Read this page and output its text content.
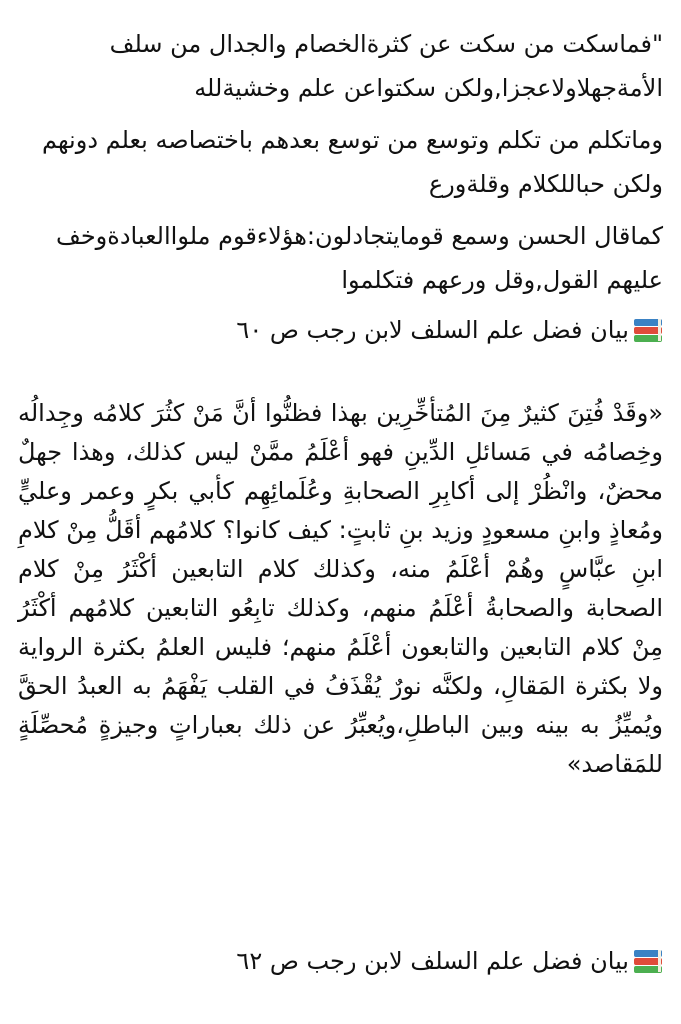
"فماسكت من سكت عن كثرةالخصام والجدال من سلف الأمةجهلاولاعجزا,ولكن سكتواعن علم وخشيةلله

وماتكلم من تكلم وتوسع من توسع بعدهم باختصاصه بعلم دونهم ولكن حباللكلام وقلةورع

كماقال الحسن وسمع قومايتجادلون:هؤلاءقوم ملواالعبادةوخف عليهم القول,وقل ورعهم فتكلموا

بيان فضل علم السلف لابن رجب ص ٦٠

«وقَدْ فُتِنَ كثيرٌ مِنَ المُتأخِّرِين بهذا فظنُّوا أنَّ مَنْ كثُرَ كلامُه وجِدالُه وخِصامُه في مَسائلِ الدِّينِ فهو أعْلَمُ ممَّنْ ليس كذلك، وهذا جهلٌ محضٌ، وانْظُرْ إلى أكابِرِ الصحابةِ وعُلَمائِهِم كأبي بكرٍ وعمر وعليٍّ ومُعاذٍ وابنِ مسعودٍ وزيد بنِ ثابتٍ: كيف كانوا؟ كلامُهم أقَلُّ مِنْ كلامِ ابنِ عبَّاسٍ وهُمْ أعْلَمُ منه، وكذلك كلام التابعين أكْثَرُ مِنْ كلام الصحابة والصحابةُ أعْلَمُ منهم، وكذلك تابِعُو التابعين كلامُهم أكْثَرُ مِنْ كلام التابعين والتابعون أعْلَمُ منهم؛ فليس العلمُ بكثرة الرواية ولا بكثرة المَقالِ، ولكنَّه نورٌ يُقْذَفُ في القلب يَفْهَمُ به العبدُ الحقَّ ويُميِّزُ به بينه وبين الباطلِ،ويُعبِّرُ عن ذلك بعباراتٍ وجيزةٍ مُحصِّلَةٍ للمَقاصد»

بيان فضل علم السلف لابن رجب ص ٦٢
